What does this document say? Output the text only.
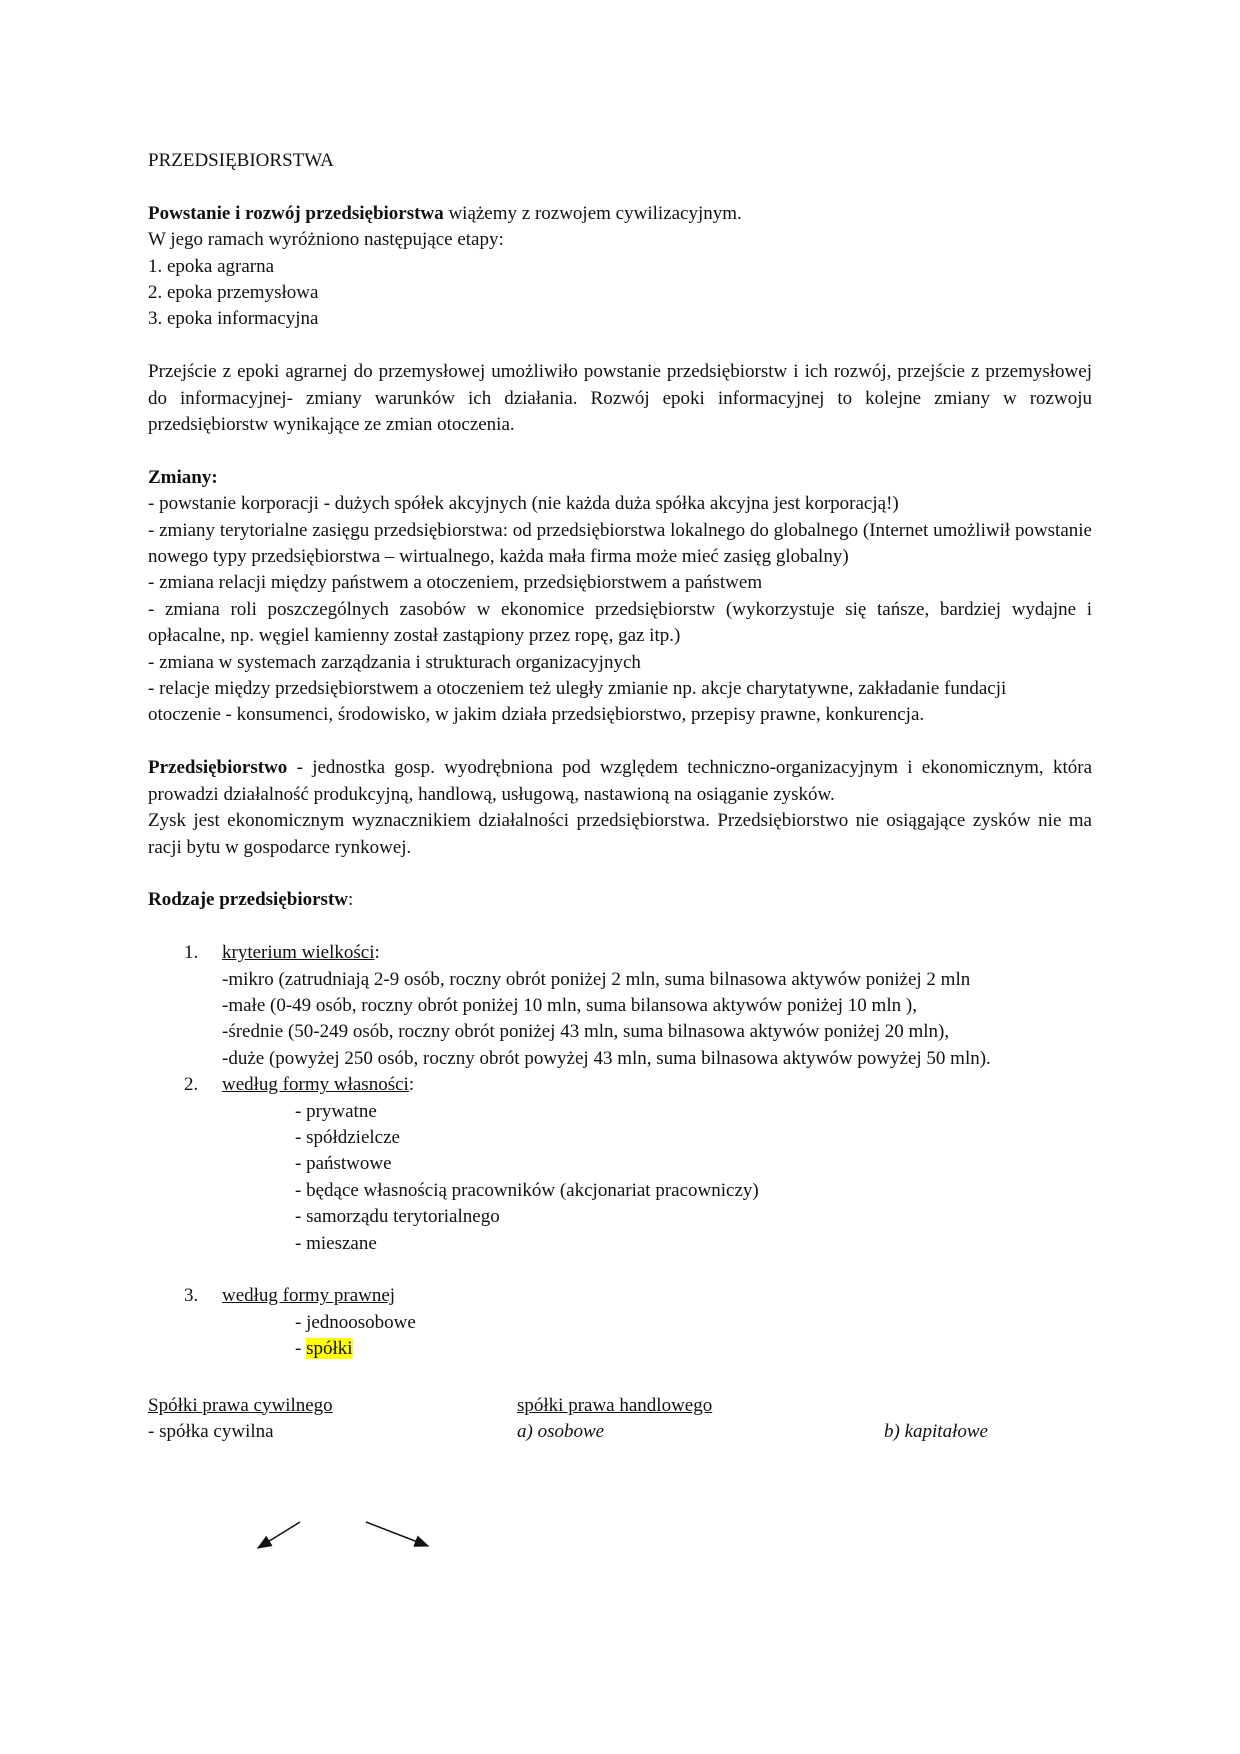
PRZEDSIĘBIORSTWA

Powstanie i rozwój przedsiębiorstwa wiążemy z rozwojem cywilizacyjnym.

W jego ramach wyróżniono następujące etapy:

1. epoka agrarna

2. epoka przemysłowa

3. epoka informacyjna

Przejście z epoki agrarnej do przemysłowej umożliwiło powstanie przedsiębiorstw i ich rozwój, przejście z przemysłowej do informacyjnej- zmiany warunków ich działania. Rozwój epoki informacyjnej to kolejne zmiany w rozwoju przedsiębiorstw wynikające ze zmian otoczenia.

Zmiany:

- powstanie korporacji - dużych spółek akcyjnych (nie każda duża spółka akcyjna jest korporacją!)

- zmiany terytorialne zasięgu przedsiębiorstwa: od przedsiębiorstwa lokalnego do globalnego (Internet umożliwił powstanie nowego typy przedsiębiorstwa – wirtualnego, każda mała firma może mieć zasięg globalny)

- zmiana relacji między państwem a otoczeniem, przedsiębiorstwem a państwem

- zmiana roli poszczególnych zasobów w ekonomice przedsiębiorstw (wykorzystuje się tańsze, bardziej wydajne i opłacalne, np. węgiel kamienny został zastąpiony przez ropę, gaz itp.)

- zmiana w systemach zarządzania i strukturach organizacyjnych

- relacje między przedsiębiorstwem a otoczeniem też uległy zmianie np. akcje charytatywne, zakładanie fundacji

otoczenie - konsumenci, środowisko, w jakim działa przedsiębiorstwo, przepisy prawne, konkurencja.

Przedsiębiorstwo - jednostka gosp. wyodrębniona pod względem techniczno-organizacyjnym i ekonomicznym, która prowadzi działalność produkcyjną, handlową, usługową, nastawioną na osiąganie zysków.

Zysk jest ekonomicznym wyznacznikiem działalności przedsiębiorstwa. Przedsiębiorstwo nie osiągające zysków nie ma racji bytu w gospodarce rynkowej.

Rodzaje przedsiębiorstw:

1. kryterium wielkości:

-mikro (zatrudniają 2-9 osób, roczny obrót poniżej 2 mln, suma bilnasowa aktywów poniżej 2 mln

-małe (0-49 osób, roczny obrót poniżej 10 mln, suma bilansowa aktywów poniżej 10 mln ),

-średnie (50-249 osób, roczny obrót poniżej 43 mln, suma bilnasowa aktywów poniżej 20 mln),

-duże (powyżej 250 osób, roczny obrót powyżej 43 mln, suma bilnasowa aktywów powyżej 50 mln).

2. według formy własności:

- prywatne

- spółdzielcze

- państwowe

- będące własnością pracowników (akcjonariat pracowniczy)

- samorządu terytorialnego

- mieszane

3. według formy prawnej

- jednoosobowe

- spółki

Spółki prawa cywilnego	spółki prawa handlowego
- spółka cywilna	a) osobowe	b) kapitałowe
